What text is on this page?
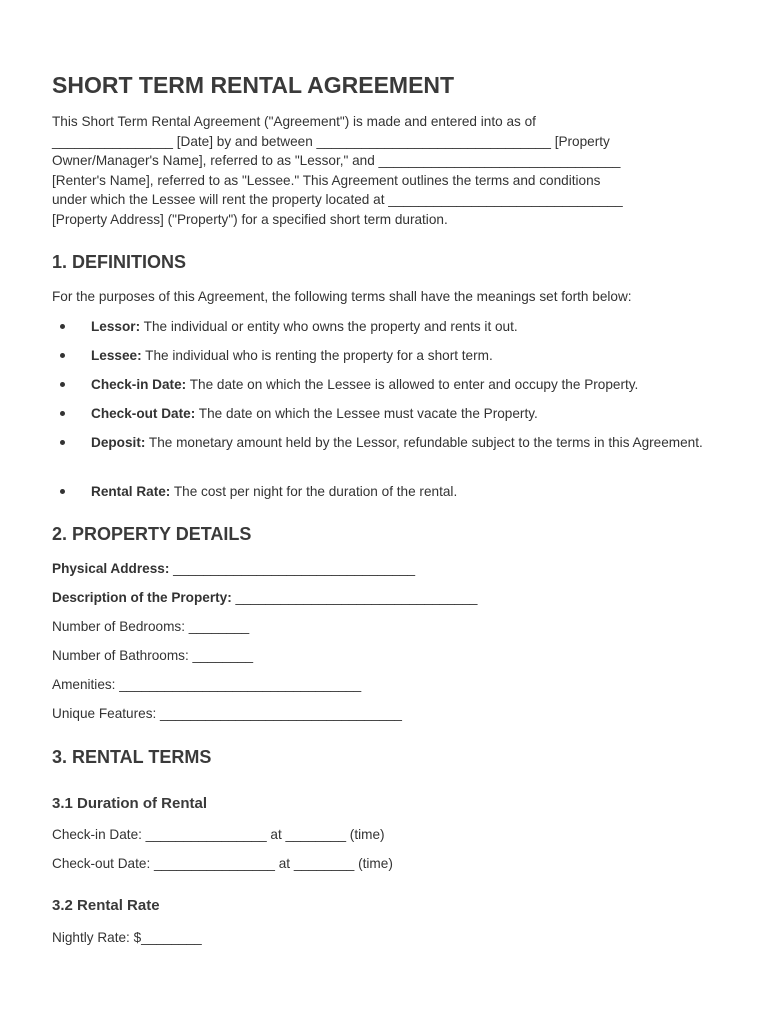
SHORT TERM RENTAL AGREEMENT
This Short Term Rental Agreement ("Agreement") is made and entered into as of
________________ [Date] by and between _______________________________ [Property
Owner/Manager's Name], referred to as "Lessor," and ________________________________
[Renter's Name], referred to as "Lessee." This Agreement outlines the terms and conditions
under which the Lessee will rent the property located at _______________________________
[Property Address] ("Property") for a specified short term duration.
1. DEFINITIONS
For the purposes of this Agreement, the following terms shall have the meanings set forth below:
Lessor: The individual or entity who owns the property and rents it out.
Lessee: The individual who is renting the property for a short term.
Check-in Date: The date on which the Lessee is allowed to enter and occupy the Property.
Check-out Date: The date on which the Lessee must vacate the Property.
Deposit: The monetary amount held by the Lessor, refundable subject to the terms in this Agreement.
Rental Rate: The cost per night for the duration of the rental.
2. PROPERTY DETAILS
Physical Address: ________________________________
Description of the Property: ________________________________
Number of Bedrooms: ________
Number of Bathrooms: ________
Amenities: ________________________________
Unique Features: ________________________________
3. RENTAL TERMS
3.1 Duration of Rental
Check-in Date: ________________ at ________ (time)
Check-out Date: ________________ at ________ (time)
3.2 Rental Rate
Nightly Rate: $________
